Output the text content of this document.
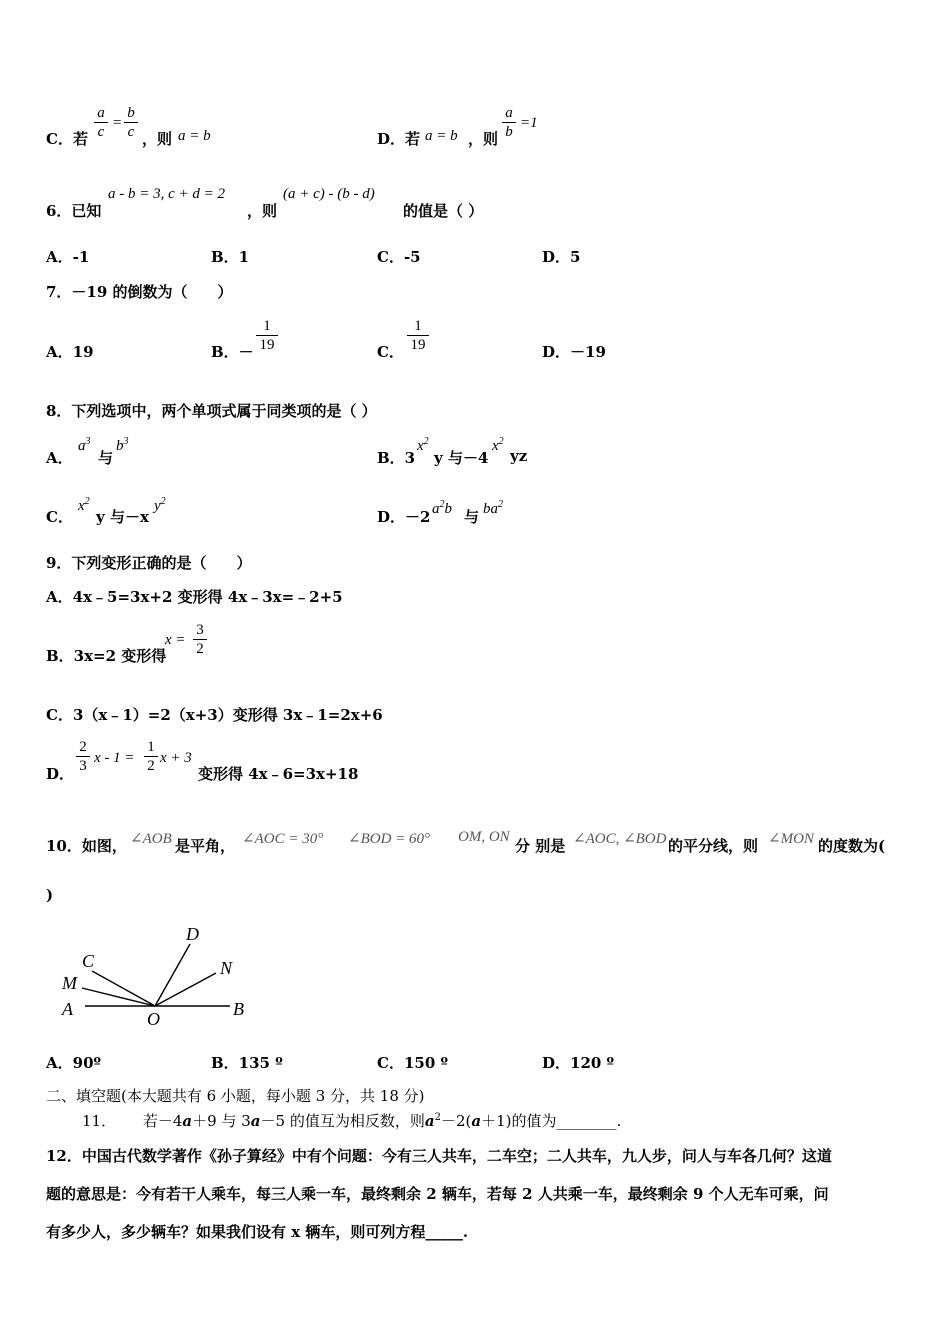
C．若
a
c
=
b
c ，则 a = b	D．若 a = b ，则
a
b
=1
6．已知
a - b = 3, c + d = 2
，则
(a + c) - (b - d)
的值是（ ）
A．-1	B．1	C．-5	D．5
7．－19 的倒数为（　　）
A．19	B．－
1
19	C．
1
19	D．－19
8．下列选项中，两个单项式属于同类项的是（ ）
A．
$a^3$
与
$b^3$
B．3
$x^2$
y 与－4
$x^2$
yz
C．
$x^2$
y 与－x
$y^2$
D．－2 $a^2b$ 与 $ba^2$
9．下列变形正确的是（　　）
A．4x﹣5=3x+2 变形得 4x﹣3x=﹣2+5
B．3x=2 变形得
x =
3
2
C．3（x﹣1）=2（x+3）变形得 3x﹣1=2x+6
D．
2
3 x - 1 =
1
2 x + 3
变形得 4x﹣6=3x+18
10．如图， ∠AOB 是平角， ∠AOC = 30° ∠BOD = 60° OM, ON 分 别是 ∠AOC, ∠BOD 的平分线，则 ∠MON 的度数为(
)
D
C	N
M
A	O	B
A．90º	B．135 º	C．150 º	D．120 º
二、填空题(本大题共有 6 小题，每小题 3 分，共 18 分)
11． 若－4a＋9 与 3a－5 的值互为相反数，则$a^2-2(a+1)$的值为________.
12．中国古代数学著作《孙子算经》中有个问题：今有三人共车，二车空；二人共车，九人步，问人与车各几何？这道
题的意思是：今有若干人乘车，每三人乘一车，最终剩余 2 辆车，若每 2 人共乘一车，最终剩余 9 个人无车可乘，问
有多少人，多少辆车？如果我们设有 x 辆车，则可列方程_____.
